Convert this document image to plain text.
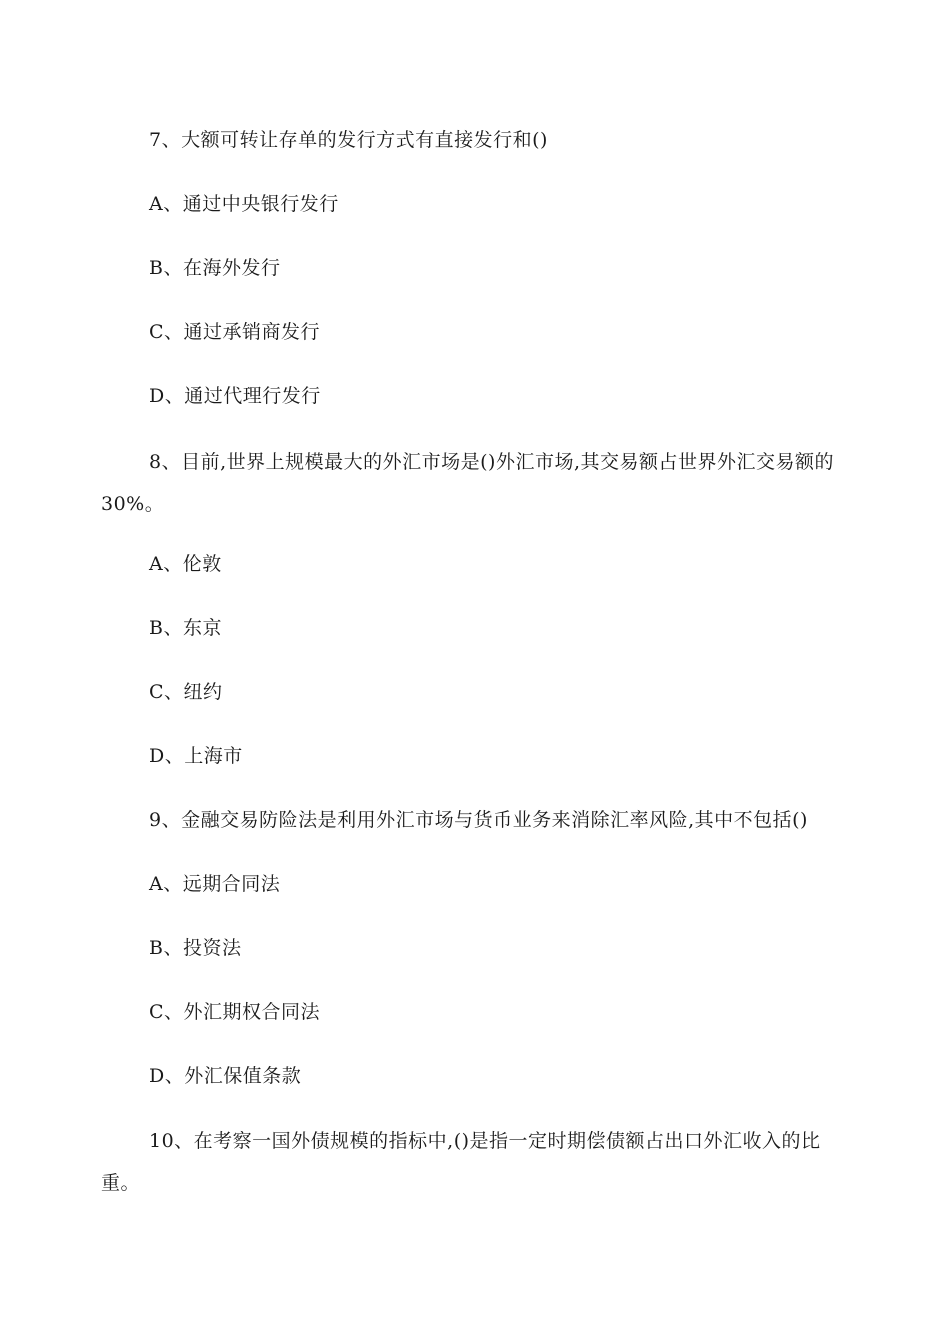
7、大额可转让存单的发行方式有直接发行和()
A、通过中央银行发行
B、在海外发行
C、通过承销商发行
D、通过代理行发行
8、目前,世界上规模最大的外汇市场是()外汇市场,其交易额占世界外汇交易额的30%。
A、伦敦
B、东京
C、纽约
D、上海市
9、金融交易防险法是利用外汇市场与货币业务来消除汇率风险,其中不包括()
A、远期合同法
B、投资法
C、外汇期权合同法
D、外汇保值条款
10、在考察一国外债规模的指标中,()是指一定时期偿债额占出口外汇收入的比重。
